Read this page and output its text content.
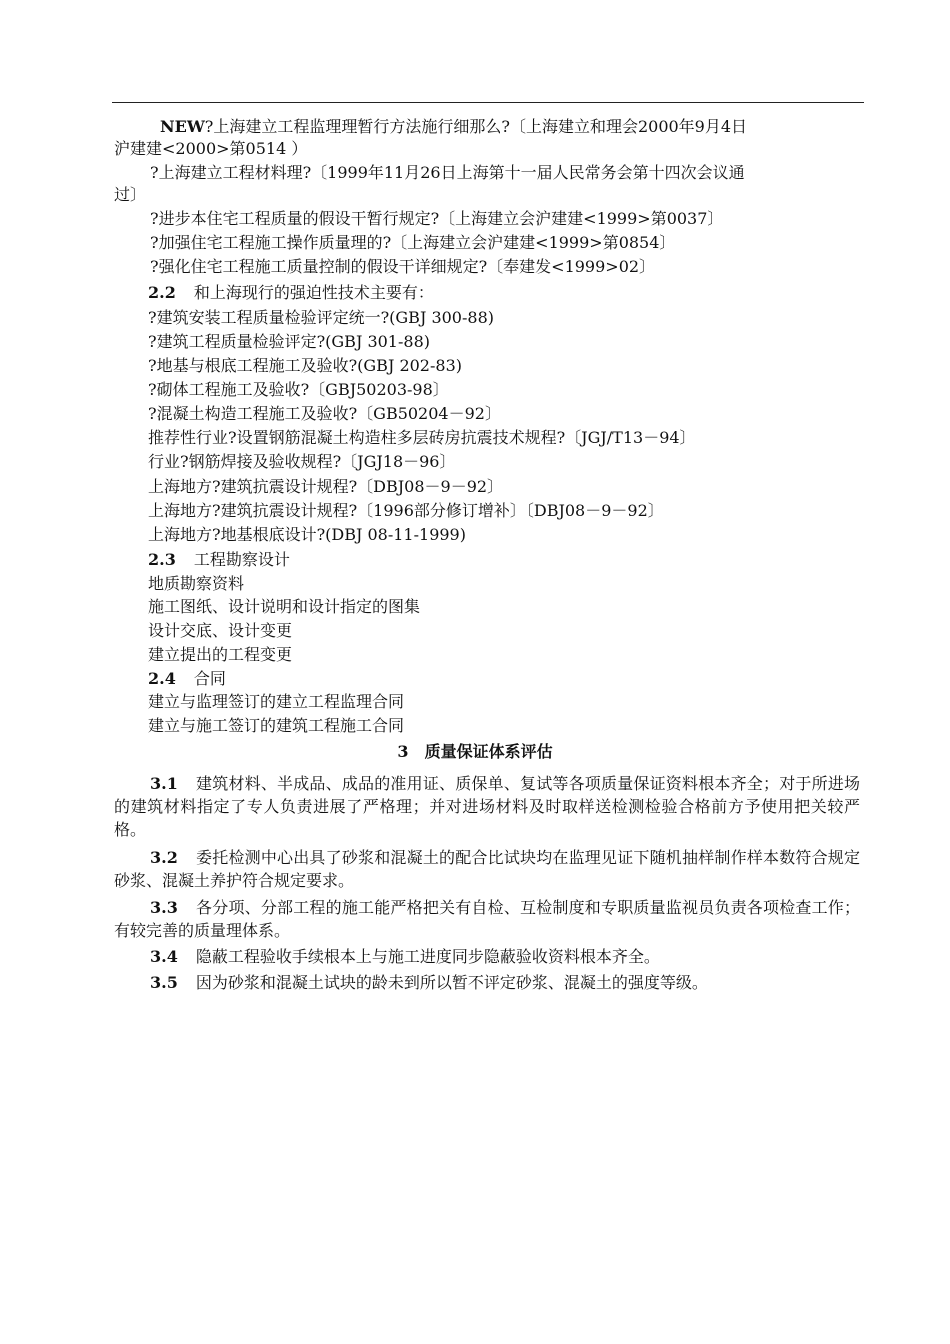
NEW?上海建立工程监理理暂行方法施行细那么?〔上海建立和理会2000年9月4日
沪建建<2000>第0514 ）
?上海建立工程材料理?〔1999年11月26日上海第十一届人民常务会第十四次会议通
过〕
?进步本住宅工程质量的假设干暂行规定?〔上海建立会沪建建<1999>第0037〕
?加强住宅工程施工操作质量理的?〔上海建立会沪建建<1999>第0854〕
?强化住宅工程施工质量控制的假设干详细规定?〔奉建发<1999>02〕
2.2 和上海现行的强迫性技术主要有：
?建筑安装工程质量检验评定统一?(GBJ 300-88)
?建筑工程质量检验评定?(GBJ 301-88)
?地基与根底工程施工及验收?(GBJ 202-83)
?砌体工程施工及验收?〔GBJ50203-98〕
?混凝土构造工程施工及验收?〔GB50204－92〕
推荐性行业?设置钢筋混凝土构造柱多层砖房抗震技术规程?〔JGJ/T13－94〕
行业?钢筋焊接及验收规程?〔JGJ18－96〕
上海地方?建筑抗震设计规程?〔DBJ08－9－92〕
上海地方?建筑抗震设计规程?〔1996部分修订增补〕〔DBJ08－9－92〕
上海地方?地基根底设计?(DBJ 08-11-1999)
2.3 工程勘察设计
地质勘察资料
施工图纸、设计说明和设计指定的图集
设计交底、设计变更
建立提出的工程变更
2.4 合同
建立与监理签订的建立工程监理合同
建立与施工签订的建筑工程施工合同
3 质量保证体系评估
3.1 建筑材料、半成品、成品的准用证、质保单、复试等各项质量保证资料根本齐全；对于所进场的建筑材料指定了专人负责进展了严格理；并对进场材料及时取样送检测检验合格前方予使用把关较严格。
3.2 委托检测中心出具了砂浆和混凝土的配合比试块均在监理见证下随机抽样制作样本数符合规定砂浆、混凝土养护符合规定要求。
3.3 各分项、分部工程的施工能严格把关有自检、互检制度和专职质量监视员负责各项检查工作；有较完善的质量理体系。
3.4 隐蔽工程验收手续根本上与施工进度同步隐蔽验收资料根本齐全。
3.5 因为砂浆和混凝土试块的龄未到所以暂不评定砂浆、混凝土的强度等级。
